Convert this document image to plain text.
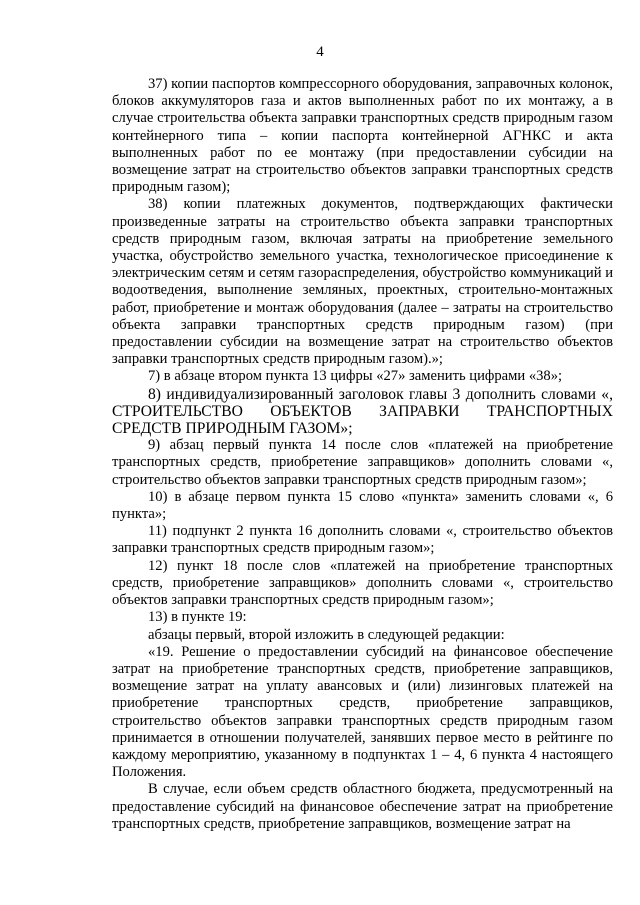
4

37) копии паспортов компрессорного оборудования, заправочных колонок, блоков аккумуляторов газа и актов выполненных работ по их монтажу, а в случае строительства объекта заправки транспортных средств природным газом контейнерного типа – копии паспорта контейнерной АГНКС и акта выполненных работ по ее монтажу (при предоставлении субсидии на возмещение затрат на строительство объектов заправки транспортных средств природным газом);

38) копии платежных документов, подтверждающих фактически произведенные затраты на строительство объекта заправки транспортных средств природным газом, включая затраты на приобретение земельного участка, обустройство земельного участка, технологическое присоединение к электрическим сетям и сетям газораспределения, обустройство коммуникаций и водоотведения, выполнение земляных, проектных, строительно-монтажных работ, приобретение и монтаж оборудования (далее – затраты на строительство объекта заправки транспортных средств природным газом) (при предоставлении субсидии на возмещение затрат на строительство объектов заправки транспортных средств природным газом).»;

7) в абзаце втором пункта 13 цифры «27» заменить цифрами «38»;

8) индивидуализированный заголовок главы 3 дополнить словами «, СТРОИТЕЛЬСТВО ОБЪЕКТОВ ЗАПРАВКИ ТРАНСПОРТНЫХ СРЕДСТВ ПРИРОДНЫМ ГАЗОМ»;

9) абзац первый пункта 14 после слов «платежей на приобретение транспортных средств, приобретение заправщиков» дополнить словами «, строительство объектов заправки транспортных средств природным газом»;

10) в абзаце первом пункта 15 слово «пункта» заменить словами «, 6 пункта»;

11) подпункт 2 пункта 16 дополнить словами «, строительство объектов заправки транспортных средств природным газом»;

12) пункт 18 после слов «платежей на приобретение транспортных средств, приобретение заправщиков» дополнить словами «, строительство объектов заправки транспортных средств природным газом»;

13) в пункте 19:

абзацы первый, второй изложить в следующей редакции:

«19. Решение о предоставлении субсидий на финансовое обеспечение затрат на приобретение транспортных средств, приобретение заправщиков, возмещение затрат на уплату авансовых и (или) лизинговых платежей на приобретение транспортных средств, приобретение заправщиков, строительство объектов заправки транспортных средств природным газом принимается в отношении получателей, занявших первое место в рейтинге по каждому мероприятию, указанному в подпунктах 1 – 4, 6 пункта 4 настоящего Положения.

В случае, если объем средств областного бюджета, предусмотренный на предоставление субсидий на финансовое обеспечение затрат на приобретение транспортных средств, приобретение заправщиков, возмещение затрат на
